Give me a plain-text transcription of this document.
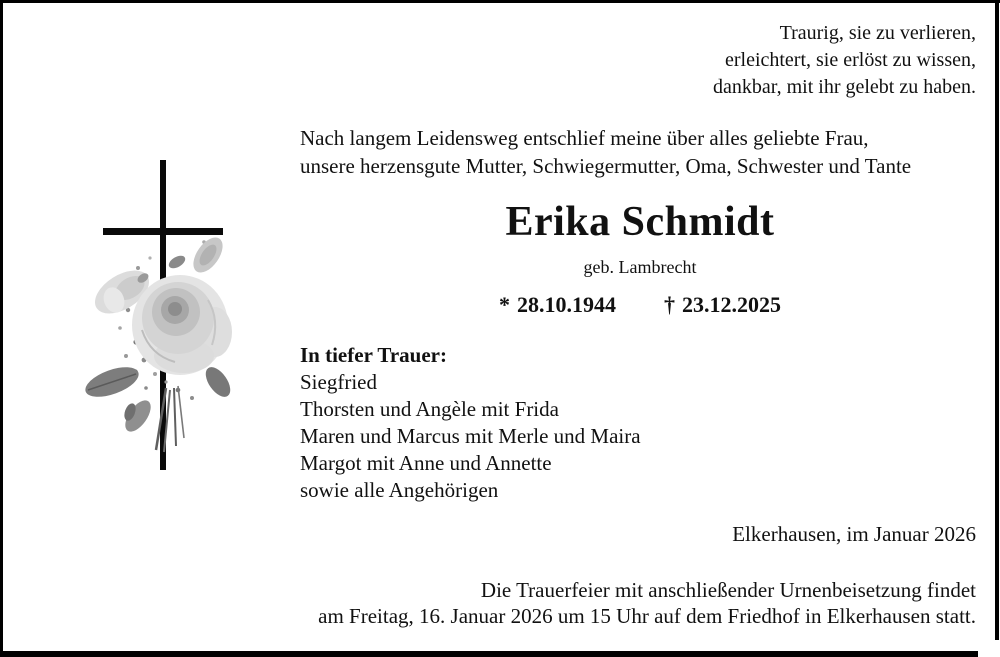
Traurig, sie zu verlieren,
erleichtert, sie erlöst zu wissen,
dankbar, mit ihr gelebt zu haben.
Nach langem Leidensweg entschlief meine über alles geliebte Frau,
unsere herzensgute Mutter, Schwiegermutter, Oma, Schwester und Tante
Erika Schmidt
geb. Lambrecht
* 28.10.1944 † 23.12.2025
In tiefer Trauer:
Siegfried
Thorsten und Angèle mit Frida
Maren und Marcus mit Merle und Maira
Margot mit Anne und Annette
sowie alle Angehörigen
Elkerhausen, im Januar 2026
Die Trauerfeier mit anschließender Urnenbeisetzung findet
am Freitag, 16. Januar 2026 um 15 Uhr auf dem Friedhof in Elkerhausen statt.
